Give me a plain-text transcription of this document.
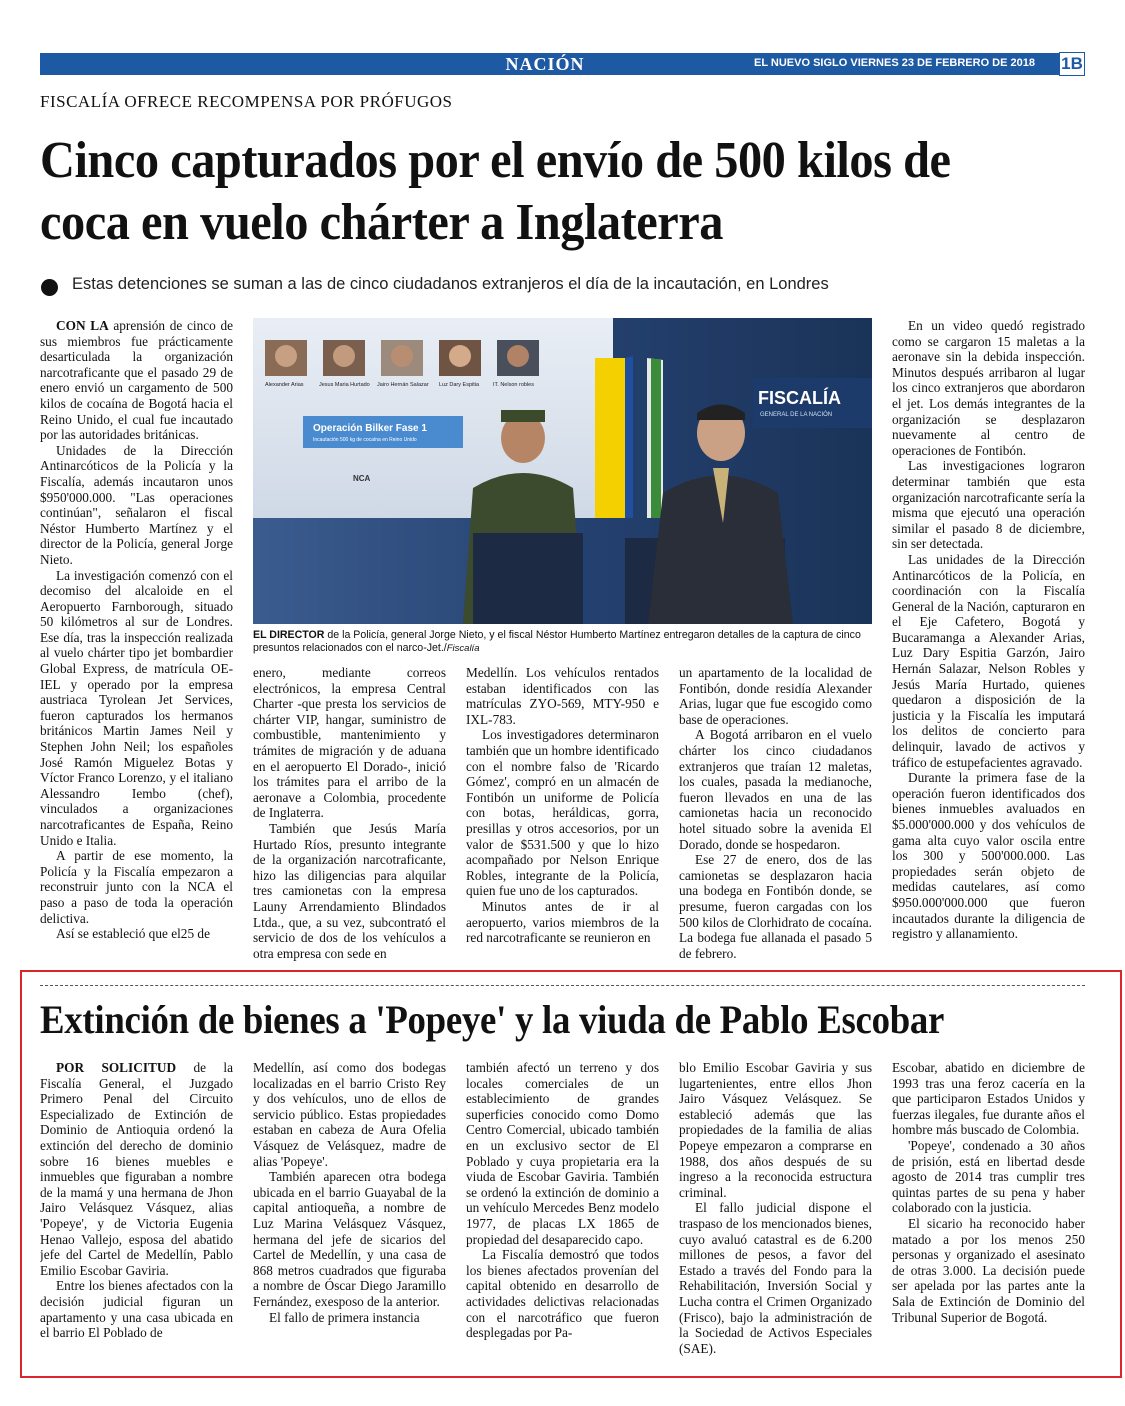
NACIÓN	EL NUEVO SIGLO VIERNES 23 DE FEBRERO DE 2018 1B
FISCALÍA OFRECE RECOMPENSA POR PRÓFUGOS
Cinco capturados por el envío de 500 kilos de coca en vuelo chárter a Inglaterra
Estas detenciones se suman a las de cinco ciudadanos extranjeros el día de la incautación, en Londres

CON LA aprensión de cinco de sus miembros fue prácticamente desarticulada la organización narcotraficante que el pasado 29 de enero envió un cargamento de 500 kilos de cocaína de Bogotá hacia el Reino Unido, el cual fue incautado por las autoridades británicas.

Unidades de la Dirección Antinarcóticos de la Policía y la Fiscalía, además incautaron unos $950'000.000. "Las operaciones continúan", señalaron el fiscal Néstor Humberto Martínez y el director de la Policía, general Jorge Nieto.

La investigación comenzó con el decomiso del alcaloide en el Aeropuerto Farnborough, situado 50 kilómetros al sur de Londres. Ese día, tras la inspección realizada al vuelo chárter tipo jet bombardier Global Express, de matrícula OE-IEL y operado por la empresa austriaca Tyrolean Jet Services, fueron capturados los hermanos británicos Martin James Neil y Stephen John Neil; los españoles José Ramón Miguelez Botas y Víctor Franco Lorenzo, y el italiano Alessandro Iembo (chef), vinculados a organizaciones narcotraficantes de España, Reino Unido e Italia.

A partir de ese momento, la Policía y la Fiscalía empezaron a reconstruir junto con la NCA el paso a paso de toda la operación delictiva.

Así se estableció que el25 de

Alexander Arias	Jesus Maria Hurtado Jairo Hernán Salazar Luz Dary Espitia	IT. Nelson robles
Operación Bilker Fase 1
Incautación 500 kg de cocaína en Reino Unido
NCA
FISCALÍA
GENERAL DE LA NACIÓN
EL DIRECTOR de la Policía, general Jorge Nieto, y el fiscal Néstor Humberto Martínez entregaron detalles de la captura de cinco presuntos relacionados con el narco-Jet./Fiscalía

enero, mediante correos electrónicos, la empresa Central Charter -que presta los servicios de chárter VIP, hangar, suministro de combustible, mantenimiento y trámites de migración y de aduana en el aeropuerto El Dorado-, inició los trámites para el arribo de la aeronave a Colombia, procedente de Inglaterra.

También que Jesús María Hurtado Ríos, presunto integrante de la organización narcotraficante, hizo las diligencias para alquilar tres camionetas con la empresa Launy Arrendamiento Blindados Ltda., que, a su vez, subcontrató el servicio de dos de los vehículos a otra empresa con sede en

Medellín. Los vehículos rentados estaban identificados con las matrículas ZYO-569, MTY-950 e IXL-783.

Los investigadores determinaron también que un hombre identificado con el nombre falso de 'Ricardo Gómez', compró en un almacén de Fontibón un uniforme de Policía con botas, heráldicas, gorra, presillas y otros accesorios, por un valor de $531.500 y que lo hizo acompañado por Nelson Enrique Robles, integrante de la Policía, quien fue uno de los capturados.

Minutos antes de ir al aeropuerto, varios miembros de la red narcotraficante se reunieron en

un apartamento de la localidad de Fontibón, donde residía Alexander Arias, lugar que fue escogido como base de operaciones.

A Bogotá arribaron en el vuelo chárter los cinco ciudadanos extranjeros que traían 12 maletas, los cuales, pasada la medianoche, fueron llevados en una de las camionetas hacia un reconocido hotel situado sobre la avenida El Dorado, donde se hospedaron.

Ese 27 de enero, dos de las camionetas se desplazaron hacia una bodega en Fontibón donde, se presume, fueron cargadas con los 500 kilos de Clorhidrato de cocaína. La bodega fue allanada el pasado 5 de febrero.

En un video quedó registrado como se cargaron 15 maletas a la aeronave sin la debida inspección. Minutos después arribaron al lugar los cinco extranjeros que abordaron el jet. Los demás integrantes de la organización se desplazaron nuevamente al centro de operaciones de Fontibón.

Las investigaciones lograron determinar también que esta organización narcotraficante sería la misma que ejecutó una operación similar el pasado 8 de diciembre, sin ser detectada.

Las unidades de la Dirección Antinarcóticos de la Policía, en coordinación con la Fiscalía General de la Nación, capturaron en el Eje Cafetero, Bogotá y Bucaramanga a Alexander Arias, Luz Dary Espitia Garzón, Jairo Hernán Salazar, Nelson Robles y Jesús María Hurtado, quienes quedaron a disposición de la justicia y la Fiscalía les imputará los delitos de concierto para delinquir, lavado de activos y tráfico de estupefacientes agravado.

Durante la primera fase de la operación fueron identificados dos bienes inmuebles avaluados en $5.000'000.000 y dos vehículos de gama alta cuyo valor oscila entre los 300 y 500'000.000. Las propiedades serán objeto de medidas cautelares, así como $950.000'000.000 que fueron incautados durante la diligencia de registro y allanamiento.

Extinción de bienes a 'Popeye' y la viuda de Pablo Escobar

POR SOLICITUD de la Fiscalía General, el Juzgado Primero Penal del Circuito Especializado de Extinción de Dominio de Antioquia ordenó la extinción del derecho de dominio sobre 16 bienes muebles e inmuebles que figuraban a nombre de la mamá y una hermana de Jhon Jairo Velásquez Vásquez, alias 'Popeye', y de Victoria Eugenia Henao Vallejo, esposa del abatido jefe del Cartel de Medellín, Pablo Emilio Escobar Gaviria.

Entre los bienes afectados con la decisión judicial figuran un apartamento y una casa ubicada en el barrio El Poblado de

Medellín, así como dos bodegas localizadas en el barrio Cristo Rey y dos vehículos, uno de ellos de servicio público. Estas propiedades estaban en cabeza de Aura Ofelia Vásquez de Velásquez, madre de alias 'Popeye'.

También aparecen otra bodega ubicada en el barrio Guayabal de la capital antioqueña, a nombre de Luz Marina Velásquez Vásquez, hermana del jefe de sicarios del Cartel de Medellín, y una casa de 868 metros cuadrados que figuraba a nombre de Óscar Diego Jaramillo Fernández, exesposo de la anterior.

El fallo de primera instancia

también afectó un terreno y dos locales comerciales de un establecimiento de grandes superficies conocido como Domo Centro Comercial, ubicado también en un exclusivo sector de El Poblado y cuya propietaria era la viuda de Escobar Gaviria. También se ordenó la extinción de dominio a un vehículo Mercedes Benz modelo 1977, de placas LX 1865 de propiedad del desaparecido capo.

La Fiscalía demostró que todos los bienes afectados provenían del capital obtenido en desarrollo de actividades delictivas relacionadas con el narcotráfico que fueron desplegadas por Pa-

blo Emilio Escobar Gaviria y sus lugartenientes, entre ellos Jhon Jairo Vásquez Velásquez. Se estableció además que las propiedades de la familia de alias Popeye empezaron a comprarse en 1988, dos años después de su ingreso a la reconocida estructura criminal.

El fallo judicial dispone el traspaso de los mencionados bienes, cuyo avaluó catastral es de 6.200 millones de pesos, a favor del Estado a través del Fondo para la Rehabilitación, Inversión Social y Lucha contra el Crimen Organizado (Frisco), bajo la administración de la Sociedad de Activos Especiales (SAE).

Escobar, abatido en diciembre de 1993 tras una feroz cacería en la que participaron Estados Unidos y fuerzas ilegales, fue durante años el hombre más buscado de Colombia.

'Popeye', condenado a 30 años de prisión, está en libertad desde agosto de 2014 tras cumplir tres quintas partes de su pena y haber colaborado con la justicia.

El sicario ha reconocido haber matado a por los menos 250 personas y organizado el asesinato de otras 3.000. La decisión puede ser apelada por las partes ante la Sala de Extinción de Dominio del Tribunal Superior de Bogotá.
